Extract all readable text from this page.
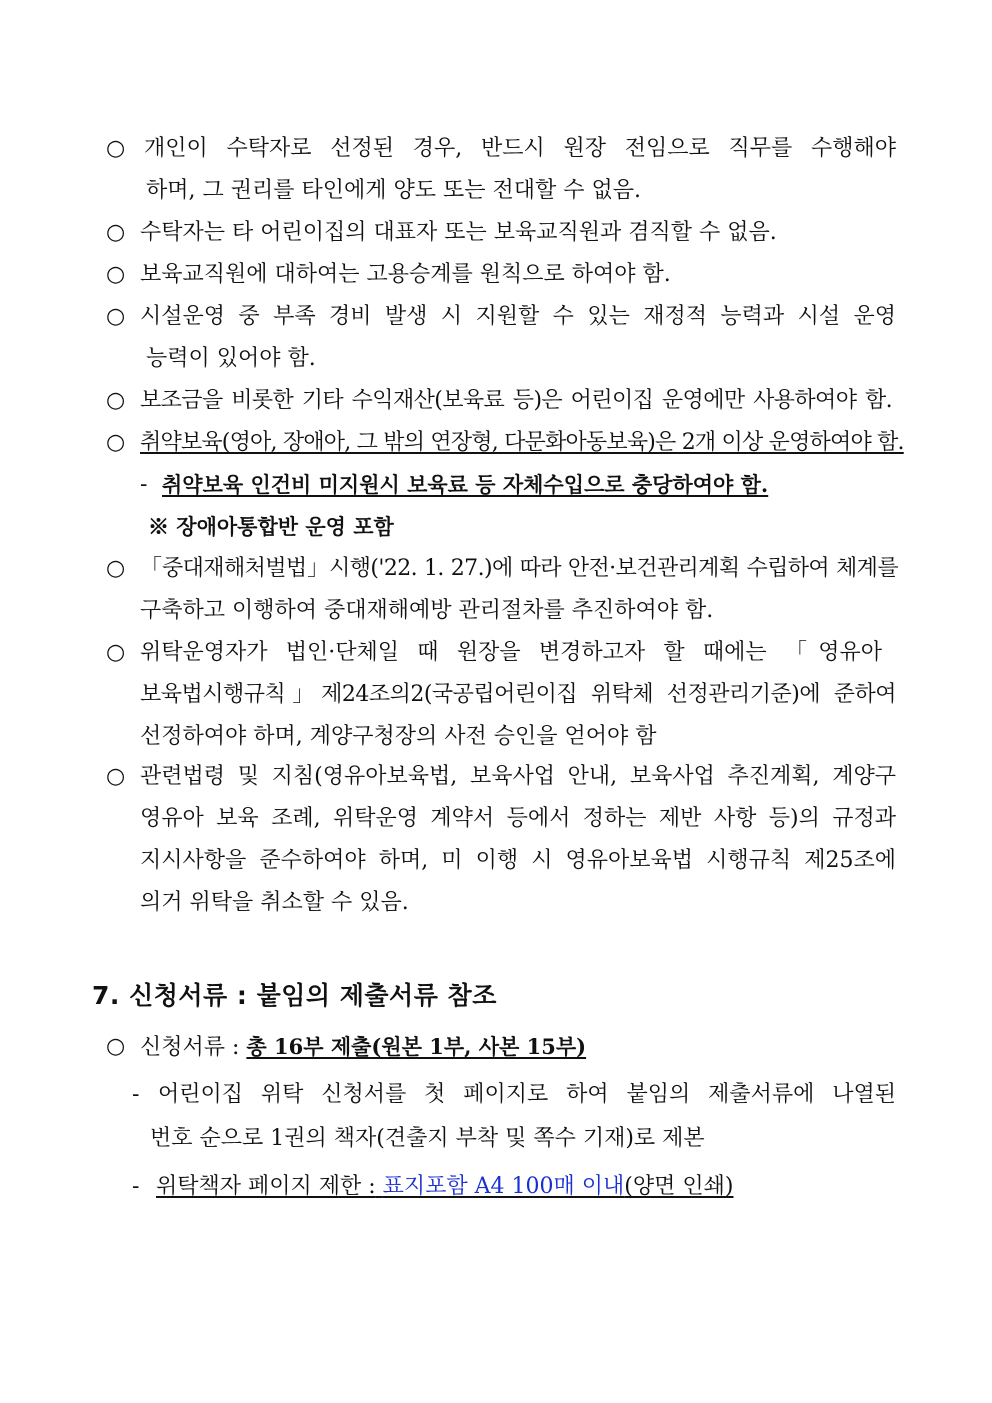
○ 개인이 수탁자로 선정된 경우, 반드시 원장 전임으로 직무를 수행해야
하며, 그 권리를 타인에게 양도 또는 전대할 수 없음.
○ 수탁자는 타 어린이집의 대표자 또는 보육교직원과 겸직할 수 없음.
○ 보육교직원에 대하여는 고용승계를 원칙으로 하여야 함.
○ 시설운영 중 부족 경비 발생 시 지원할 수 있는 재정적 능력과 시설 운영
능력이 있어야 함.
○ 보조금을 비롯한 기타 수익재산(보육료 등)은 어린이집 운영에만 사용하여야 함.
○ 취약보육(영아, 장애아, 그 밖의 연장형, 다문화아동보육)은 2개 이상 운영하여야 함.
- 취약보육 인건비 미지원시 보육료 등 자체수입으로 충당하여야 함.
※ 장애아통합반 운영 포함
○ 「중대재해처벌법」시행('22. 1. 27.)에 따라 안전·보건관리계획 수립하여 체계를
구축하고 이행하여 중대재해예방 관리절차를 추진하여야 함.
○ 위탁운영자가 법인·단체일 때 원장을 변경하고자 할 때에는 「영유아
보육법시행규칙」제24조의2(국공립어린이집 위탁체 선정관리기준)에 준하여
선정하여야 하며, 계양구청장의 사전 승인을 얻어야 함
○ 관련법령 및 지침(영유아보육법, 보육사업 안내, 보육사업 추진계획, 계양구
영유아 보육 조례, 위탁운영 계약서 등에서 정하는 제반 사항 등)의 규정과
지시사항을 준수하여야 하며, 미 이행 시 영유아보육법 시행규칙 제25조에
의거 위탁을 취소할 수 있음.
7. 신청서류 : 붙임의 제출서류 참조
○ 신청서류 : 총 16부 제출(원본 1부, 사본 15부)
- 어린이집 위탁 신청서를 첫 페이지로 하여 붙임의 제출서류에 나열된
번호 순으로 1권의 책자(견출지 부착 및 쪽수 기재)로 제본
- 위탁책자 페이지 제한 : 표지포함 A4 100매 이내(양면 인쇄)
